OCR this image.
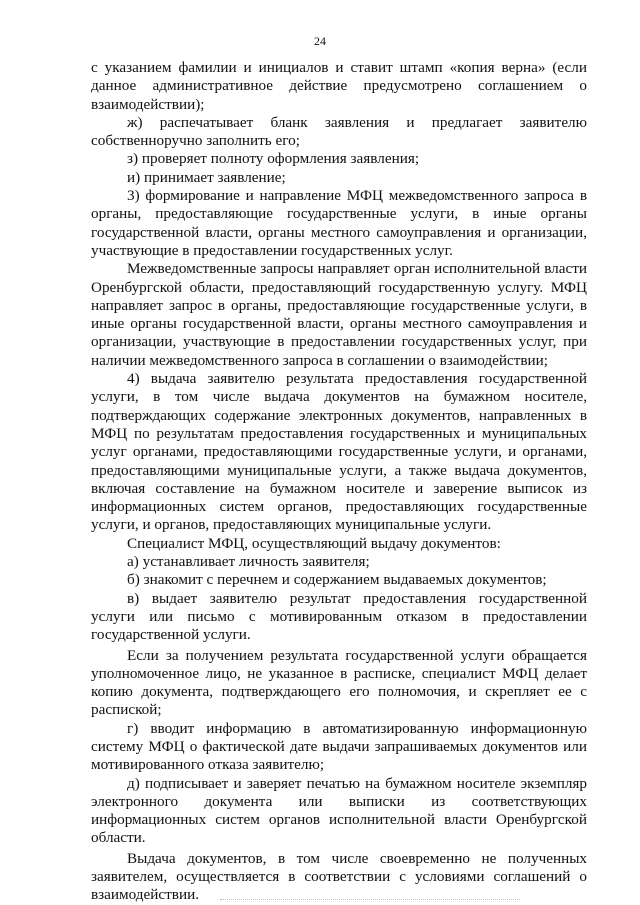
24

с указанием фамилии и инициалов и ставит штамп «копия верна» (если данное административное действие предусмотрено соглашением о взаимодействии);

ж) распечатывает бланк заявления и предлагает заявителю собственноручно заполнить его;

з) проверяет полноту оформления заявления;

и) принимает заявление;

3) формирование и направление МФЦ межведомственного запроса в органы, предоставляющие государственные услуги, в иные органы государственной власти, органы местного самоуправления и организации, участвующие в предоставлении государственных услуг.

Межведомственные запросы направляет орган исполнительной власти Оренбургской области, предоставляющий государственную услугу. МФЦ направляет запрос в органы, предоставляющие государственные услуги, в иные органы государственной власти, органы местного самоуправления и организации, участвующие в предоставлении государственных услуг, при наличии межведомственного запроса в соглашении о взаимодействии;

4) выдача заявителю результата предоставления государственной услуги, в том числе выдача документов на бумажном носителе, подтверждающих содержание электронных документов, направленных в МФЦ по результатам предоставления государственных и муниципальных услуг органами, предоставляющими государственные услуги, и органами, предоставляющими муниципальные услуги, а также выдача документов, включая составление на бумажном носителе и заверение выписок из информационных систем органов, предоставляющих государственные услуги, и органов, предоставляющих муниципальные услуги.

Специалист МФЦ, осуществляющий выдачу документов:

а) устанавливает личность заявителя;

б) знакомит с перечнем и содержанием выдаваемых документов;

в) выдает заявителю результат предоставления государственной услуги или письмо с мотивированным отказом в предоставлении государственной услуги.

Если за получением результата государственной услуги обращается уполномоченное лицо, не указанное в расписке, специалист МФЦ делает копию документа, подтверждающего его полномочия, и скрепляет ее с распиской;

г) вводит информацию в автоматизированную информационную систему МФЦ о фактической дате выдачи запрашиваемых документов или мотивированного отказа заявителю;

д) подписывает и заверяет печатью на бумажном носителе экземпляр электронного документа или выписки из соответствующих информационных систем органов исполнительной власти Оренбургской области.

Выдача документов, в том числе своевременно не полученных заявителем, осуществляется в соответствии с условиями соглашений о взаимодействии.
